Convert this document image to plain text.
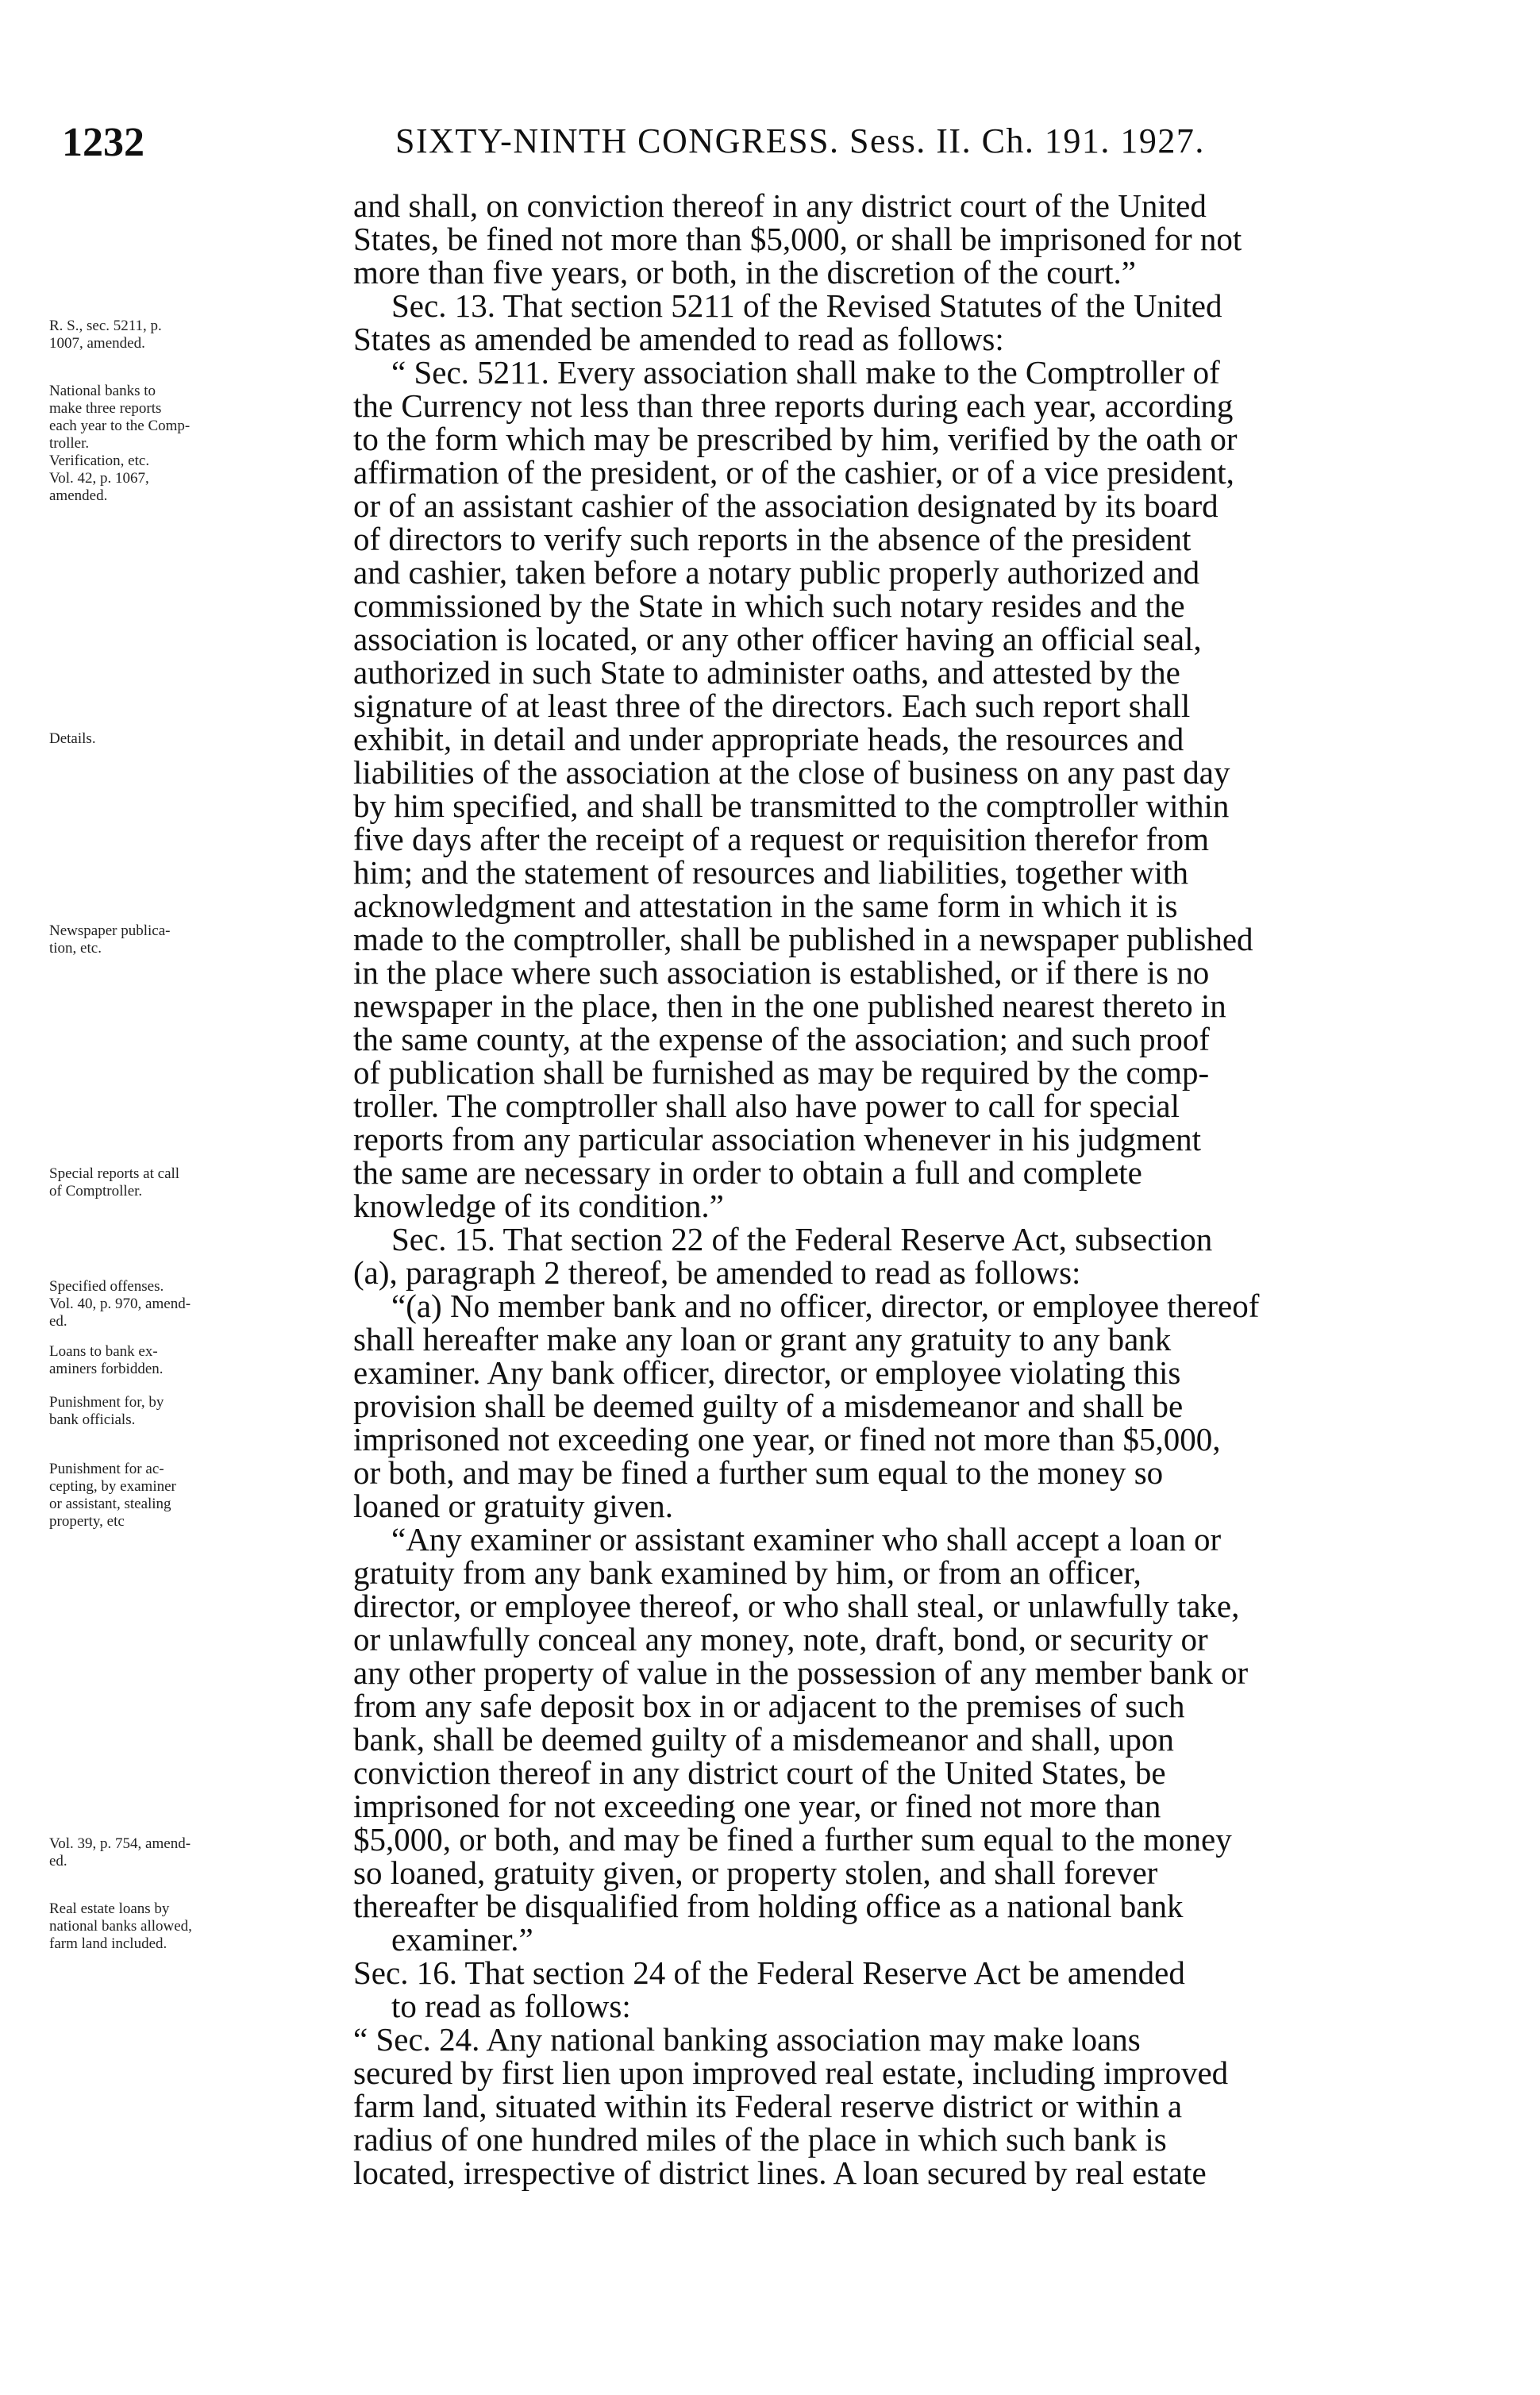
1232	SIXTY-NINTH CONGRESS. Sess. II. Ch. 191. 1927.
and shall, on conviction thereof in any district court of the United
States, be fined not more than $5,000, or shall be imprisoned for not
more than five years, or both, in the discretion of the court.”
Sec. 13. That section 5211 of the Revised Statutes of the United
States as amended be amended to read as follows:
“ Sec. 5211. Every association shall make to the Comptroller of
the Currency not less than three reports during each year, according
to the form which may be prescribed by him, verified by the oath or
affirmation of the president, or of the cashier, or of a vice president,
or of an assistant cashier of the association designated by its board
of directors to verify such reports in the absence of the president
and cashier, taken before a notary public properly authorized and
commissioned by the State in which such notary resides and the
association is located, or any other officer having an official seal,
authorized in such State to administer oaths, and attested by the
signature of at least three of the directors. Each such report shall
exhibit, in detail and under appropriate heads, the resources and
liabilities of the association at the close of business on any past day
by him specified, and shall be transmitted to the comptroller within
five days after the receipt of a request or requisition therefor from
him; and the statement of resources and liabilities, together with
acknowledgment and attestation in the same form in which it is
made to the comptroller, shall be published in a newspaper published
in the place where such association is established, or if there is no
newspaper in the place, then in the one published nearest thereto in
the same county, at the expense of the association; and such proof
of publication shall be furnished as may be required by the comp-
troller. The comptroller shall also have power to call for special
reports from any particular association whenever in his judgment
the same are necessary in order to obtain a full and complete
knowledge of its condition.”
Sec. 15. That section 22 of the Federal Reserve Act, subsection
(a), paragraph 2 thereof, be amended to read as follows:
“(a) No member bank and no officer, director, or employee thereof
shall hereafter make any loan or grant any gratuity to any bank
examiner. Any bank officer, director, or employee violating this
provision shall be deemed guilty of a misdemeanor and shall be
imprisoned not exceeding one year, or fined not more than $5,000,
or both, and may be fined a further sum equal to the money so
loaned or gratuity given.
“Any examiner or assistant examiner who shall accept a loan or
gratuity from any bank examined by him, or from an officer,
director, or employee thereof, or who shall steal, or unlawfully take,
or unlawfully conceal any money, note, draft, bond, or security or
any other property of value in the possession of any member bank or
from any safe deposit box in or adjacent to the premises of such
bank, shall be deemed guilty of a misdemeanor and shall, upon
conviction thereof in any district court of the United States, be
imprisoned for not exceeding one year, or fined not more than
$5,000, or both, and may be fined a further sum equal to the money
so loaned, gratuity given, or property stolen, and shall forever
thereafter be disqualified from holding office as a national bank
examiner.”
Sec. 16. That section 24 of the Federal Reserve Act be amended
to read as follows:
“ Sec. 24. Any national banking association may make loans
secured by first lien upon improved real estate, including improved
farm land, situated within its Federal reserve district or within a
radius of one hundred miles of the place in which such bank is
located, irrespective of district lines. A loan secured by real estate
R. S., sec. 5211, p.
1007, amended.
National banks to
make three reports
each year to the Comp-
troller.
Verification, etc.
Vol. 42, p. 1067,
amended.
Details.
Newspaper publica-
tion, etc.
Special reports at call
of Comptroller.
Specified offenses.
Vol. 40, p. 970, amend-
ed.
Loans to bank ex-
aminers forbidden.
Punishment for, by
bank officials.
Punishment for ac-
cepting, by examiner
or assistant, stealing
property, etc
Vol. 39, p. 754, amend-
ed.
Real estate loans by
national banks allowed,
farm land included.
